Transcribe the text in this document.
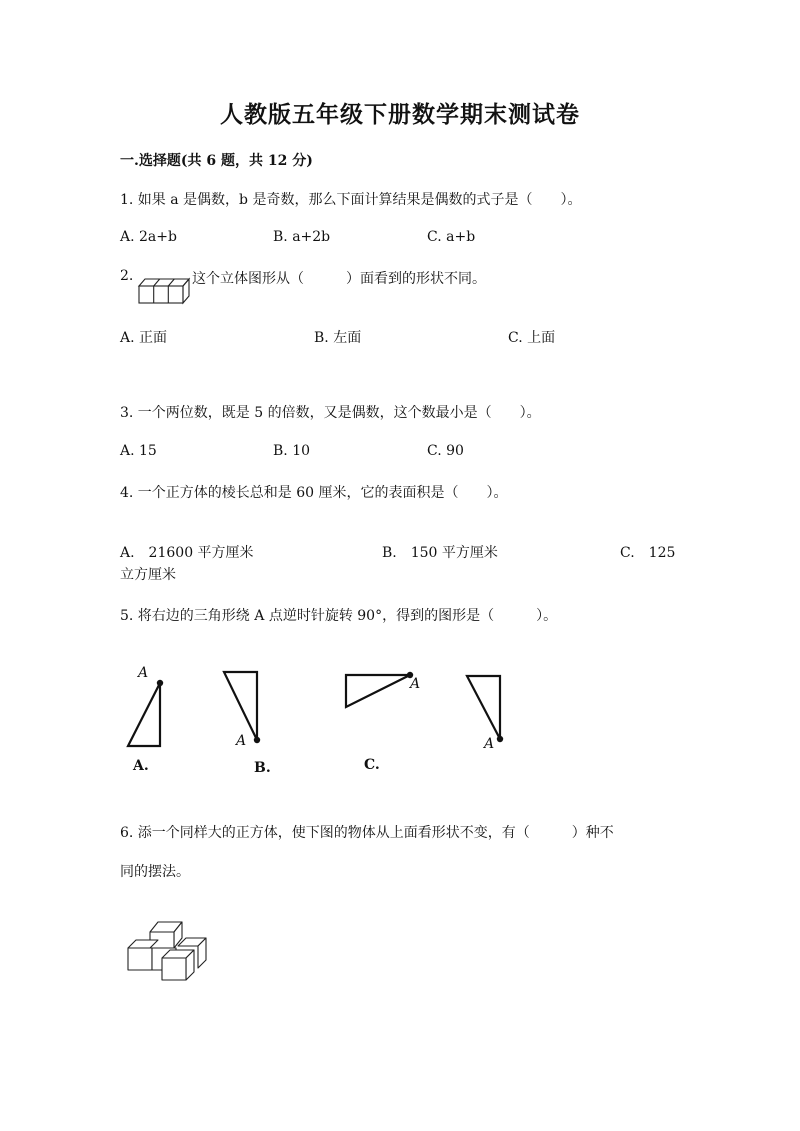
人教版五年级下册数学期末测试卷
一.选择题(共 6 题，共 12 分)
1. 如果 a 是偶数，b 是奇数，那么下面计算结果是偶数的式子是（　　）。
A. 2a+b	B. a+2b	C. a+b
2.	这个立体图形从（　　　）面看到的形状不同。
A. 正面	B. 左面	C. 上面
3. 一个两位数，既是 5 的倍数，又是偶数，这个数最小是（　　）。
A. 15	B. 10	C. 90
4. 一个正方体的棱长总和是 60 厘米，它的表面积是（　　）。
A.　21600 平方厘米	B.　150 平方厘米	C.　125
立方厘米
5. 将右边的三角形绕 A 点逆时针旋转 90°，得到的图形是（　　　）。
A
A
A
A
A.	B.	C.
6. 添一个同样大的正方体，使下图的物体从上面看形状不变，有（　　　）种不
同的摆法。
